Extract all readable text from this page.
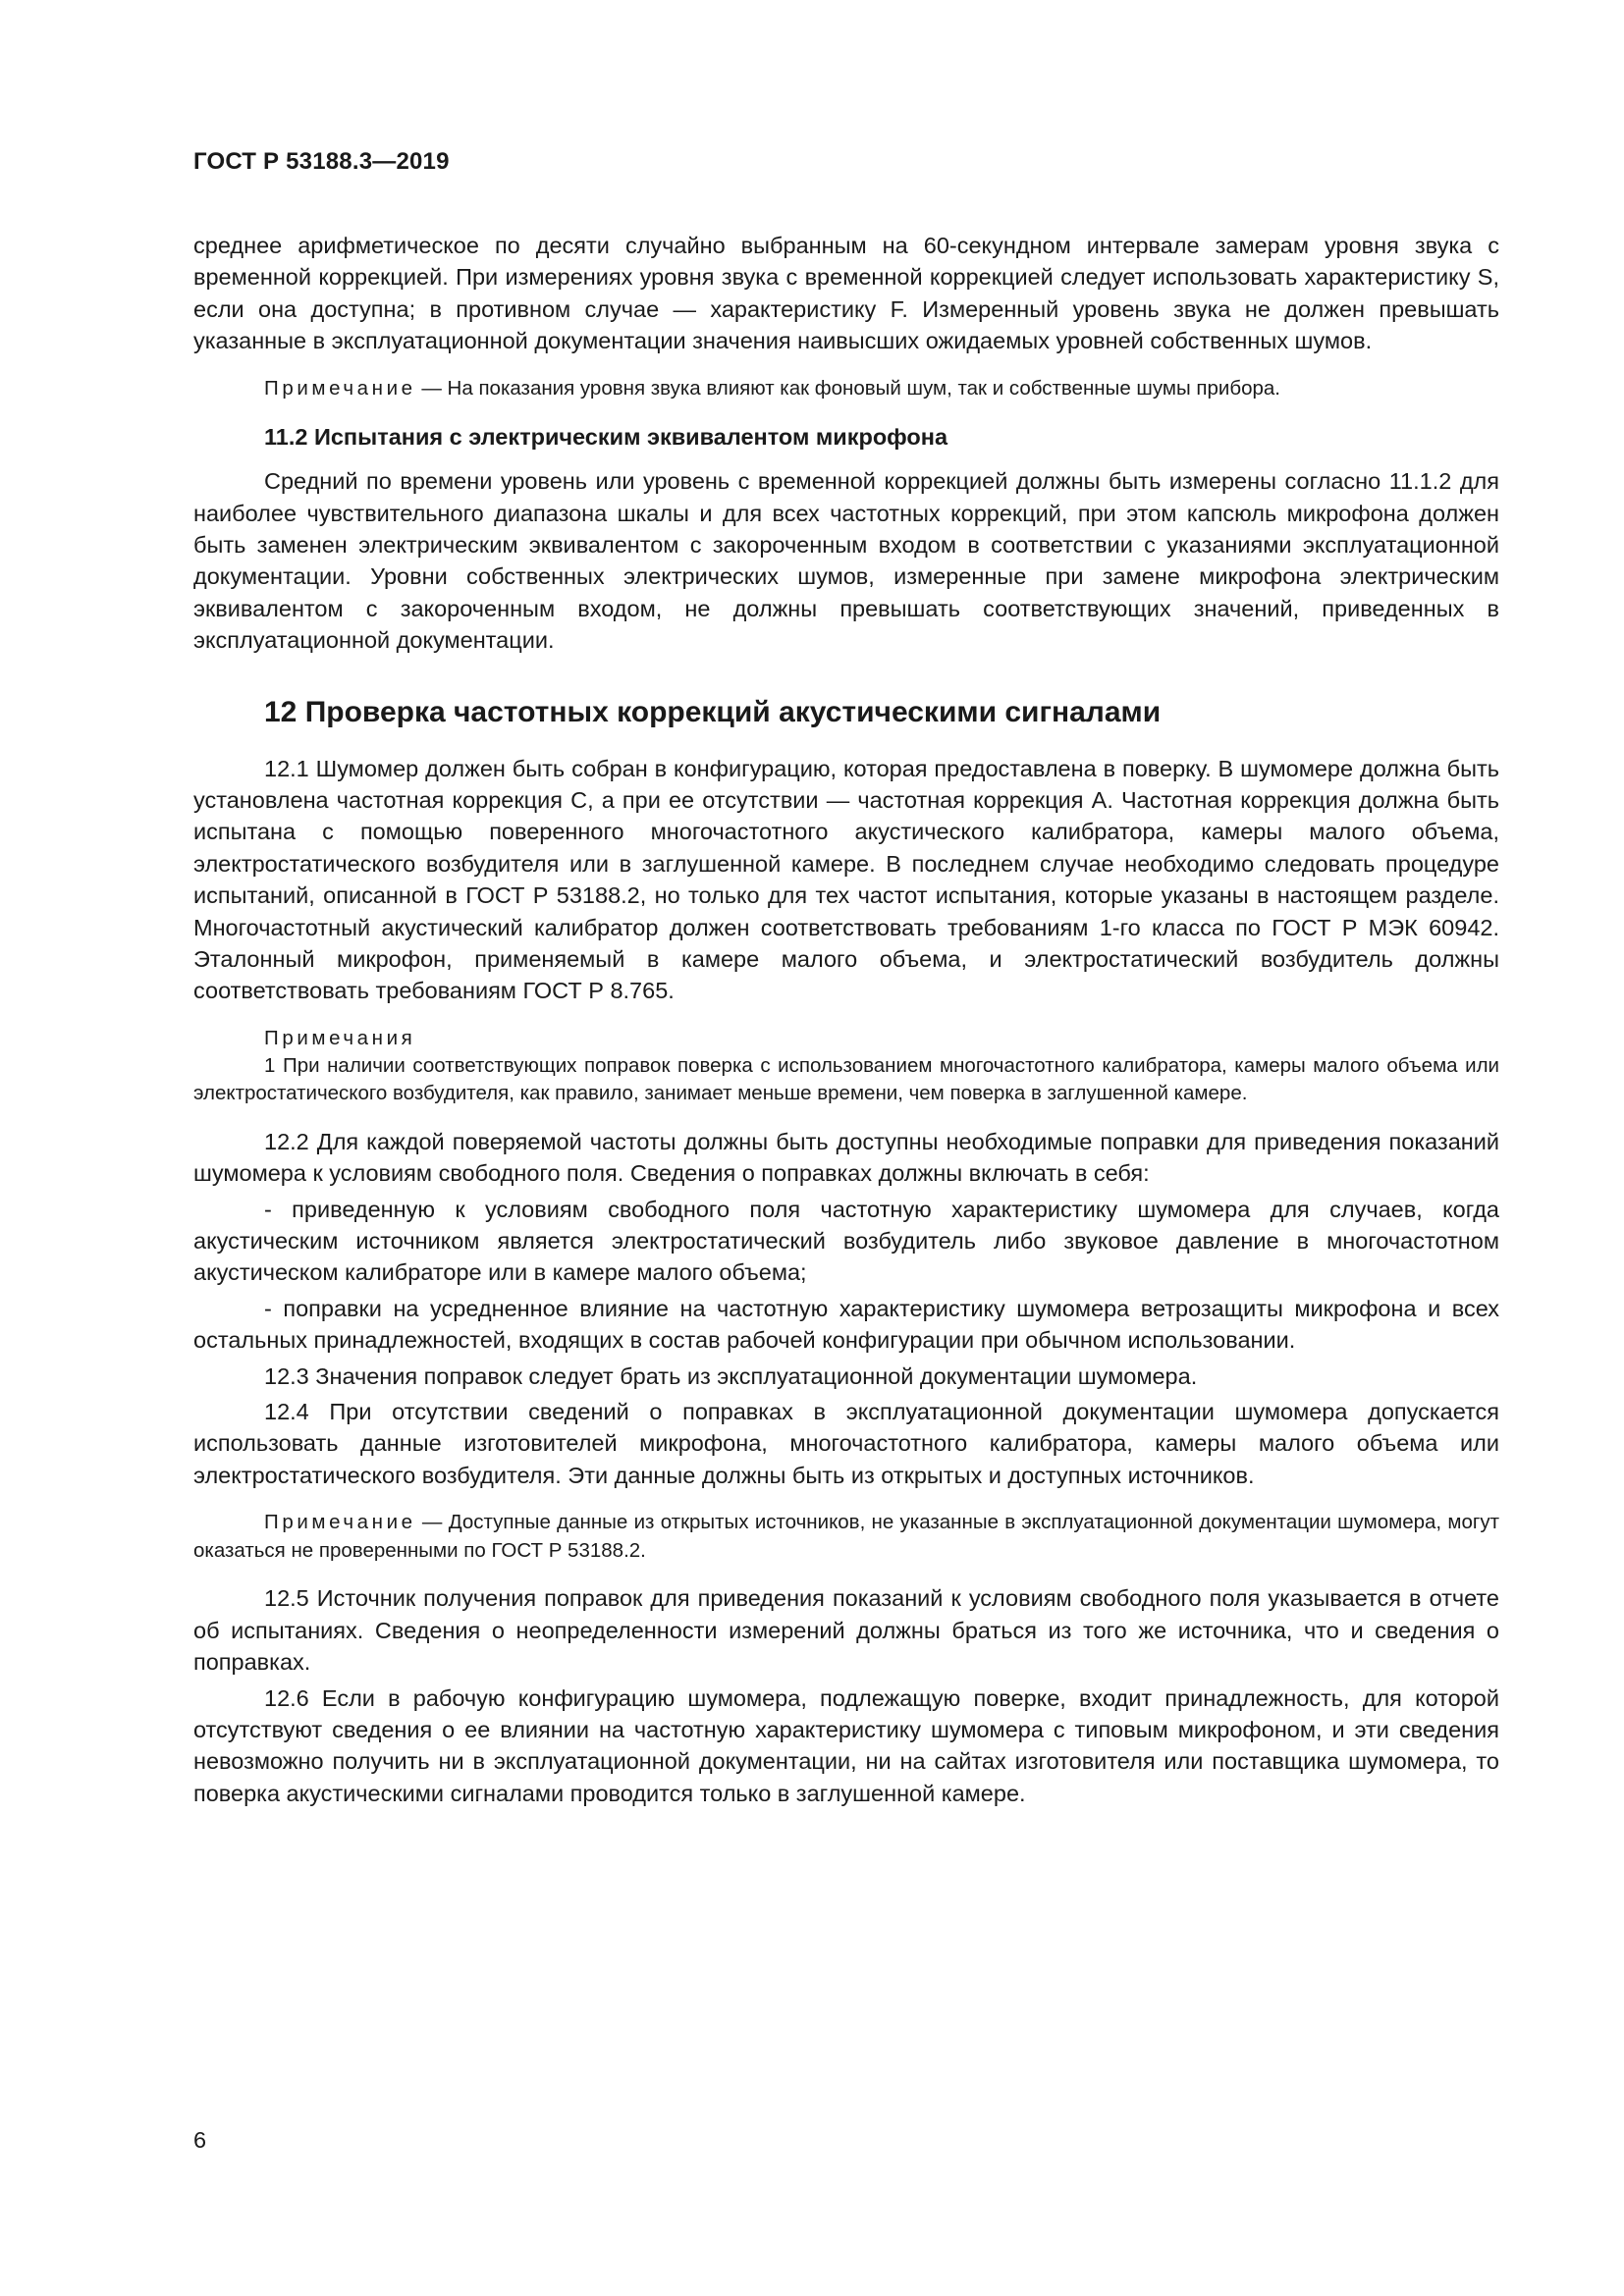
ГОСТ Р 53188.3—2019

среднее арифметическое по десяти случайно выбранным на 60-секундном интервале замерам уровня звука с временной коррекцией. При измерениях уровня звука с временной коррекцией следует использовать характеристику S, если она доступна; в противном случае — характеристику F. Измеренный уровень звука не должен превышать указанные в эксплуатационной документации значения наивысших ожидаемых уровней собственных шумов.

Примечание — На показания уровня звука влияют как фоновый шум, так и собственные шумы прибора.

11.2 Испытания с электрическим эквивалентом микрофона

Средний по времени уровень или уровень с временной коррекцией должны быть измерены согласно 11.1.2 для наиболее чувствительного диапазона шкалы и для всех частотных коррекций, при этом капсюль микрофона должен быть заменен электрическим эквивалентом с закороченным входом в соответствии с указаниями эксплуатационной документации. Уровни собственных электрических шумов, измеренные при замене микрофона электрическим эквивалентом с закороченным входом, не должны превышать соответствующих значений, приведенных в эксплуатационной документации.

12 Проверка частотных коррекций акустическими сигналами

12.1 Шумомер должен быть собран в конфигурацию, которая предоставлена в поверку. В шумомере должна быть установлена частотная коррекция С, а при ее отсутствии — частотная коррекция А. Частотная коррекция должна быть испытана с помощью поверенного многочастотного акустического калибратора, камеры малого объема, электростатического возбудителя или в заглушенной камере. В последнем случае необходимо следовать процедуре испытаний, описанной в ГОСТ Р 53188.2, но только для тех частот испытания, которые указаны в настоящем разделе. Многочастотный акустический калибратор должен соответствовать требованиям 1-го класса по ГОСТ Р МЭК 60942. Эталонный микрофон, применяемый в камере малого объема, и электростатический возбудитель должны соответствовать требованиям ГОСТ Р 8.765.

Примечания

1 При наличии соответствующих поправок поверка с использованием многочастотного калибратора, камеры малого объема или электростатического возбудителя, как правило, занимает меньше времени, чем поверка в заглушенной камере.

12.2 Для каждой поверяемой частоты должны быть доступны необходимые поправки для приведения показаний шумомера к условиям свободного поля. Сведения о поправках должны включать в себя:

- приведенную к условиям свободного поля частотную характеристику шумомера для случаев, когда акустическим источником является электростатический возбудитель либо звуковое давление в многочастотном акустическом калибраторе или в камере малого объема;

- поправки на усредненное влияние на частотную характеристику шумомера ветрозащиты микрофона и всех остальных принадлежностей, входящих в состав рабочей конфигурации при обычном использовании.

12.3 Значения поправок следует брать из эксплуатационной документации шумомера.

12.4 При отсутствии сведений о поправках в эксплуатационной документации шумомера допускается использовать данные изготовителей микрофона, многочастотного калибратора, камеры малого объема или электростатического возбудителя. Эти данные должны быть из открытых и доступных источников.

Примечание — Доступные данные из открытых источников, не указанные в эксплуатационной документации шумомера, могут оказаться не проверенными по ГОСТ Р 53188.2.

12.5 Источник получения поправок для приведения показаний к условиям свободного поля указывается в отчете об испытаниях. Сведения о неопределенности измерений должны браться из того же источника, что и сведения о поправках.

12.6 Если в рабочую конфигурацию шумомера, подлежащую поверке, входит принадлежность, для которой отсутствуют сведения о ее влиянии на частотную характеристику шумомера с типовым микрофоном, и эти сведения невозможно получить ни в эксплуатационной документации, ни на сайтах изготовителя или поставщика шумомера, то поверка акустическими сигналами проводится только в заглушенной камере.

6
